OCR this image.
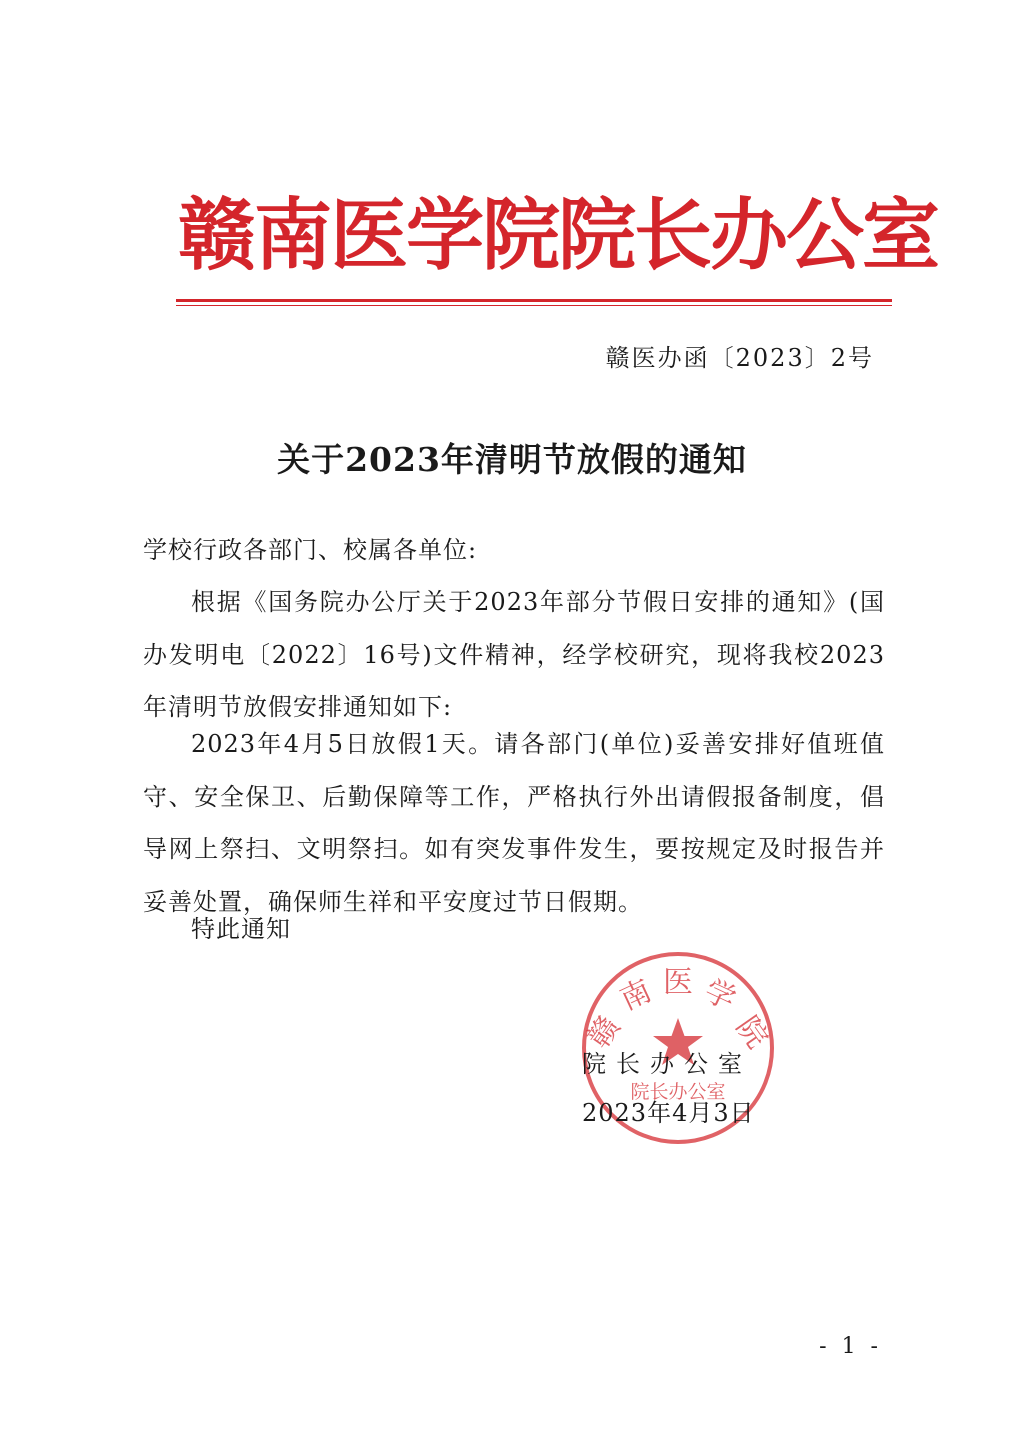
赣南医学院院长办公室
赣医办函〔2023〕2号
关于2023年清明节放假的通知
学校行政各部门、校属各单位:
根据《国务院办公厅关于2023年部分节假日安排的通知》(国办发明电〔2022〕16号)文件精神，经学校研究，现将我校2023年清明节放假安排通知如下:
2023年4月5日放假1天。请各部门(单位)妥善安排好值班值守、安全保卫、后勤保障等工作，严格执行外出请假报备制度，倡导网上祭扫、文明祭扫。如有突发事件发生，要按规定及时报告并妥善处置，确保师生祥和平安度过节日假期。
特此通知
赣
南 医 学
院
院长办公室
院长办公室
2023年4月3日
- 1 -
